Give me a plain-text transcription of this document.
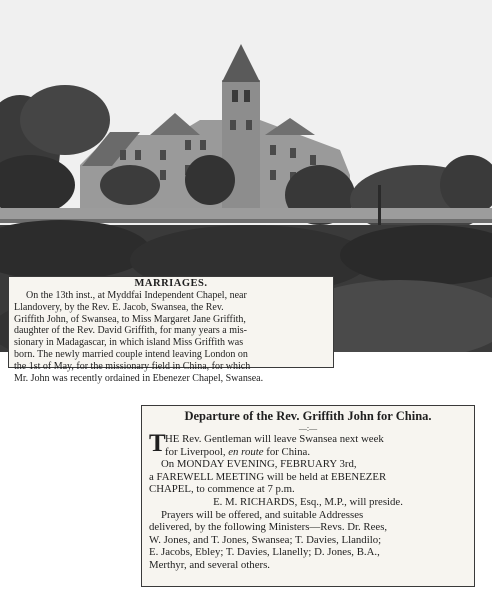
MARRIAGES.
On the 13th inst., at Myddfai Independent Chapel, near
Llandovery, by the Rev. E. Jacob, Swansea, the Rev.
Griffith John, of Swansea, to Miss Margaret Jane Griffith,
daughter of the Rev. David Griffith, for many years a mis-
sionary in Madagascar, in which island Miss Griffith was
born. The newly married couple intend leaving London on
the 1st of May, for the missionary field in China, for which
Mr. John was recently ordained in Ebenezer Chapel, Swansea.
Departure of the Rev. Griffith John for China.
—:—
T HE Rev. Gentleman will leave Swansea next week
for Liverpool, en route for China.
On MONDAY EVENING, FEBRUARY 3rd,
a FAREWELL MEETING will be held at EBENEZER
CHAPEL, to commence at 7 p.m.
E. M. RICHARDS, Esq., M.P., will preside.
Prayers will be offered, and suitable Addresses
delivered, by the following Ministers—Revs. Dr. Rees,
W. Jones, and T. Jones, Swansea; T. Davies, Llandilo;
E. Jacobs, Ebley; T. Davies, Llanelly; D. Jones, B.A.,
Merthyr, and several others.
